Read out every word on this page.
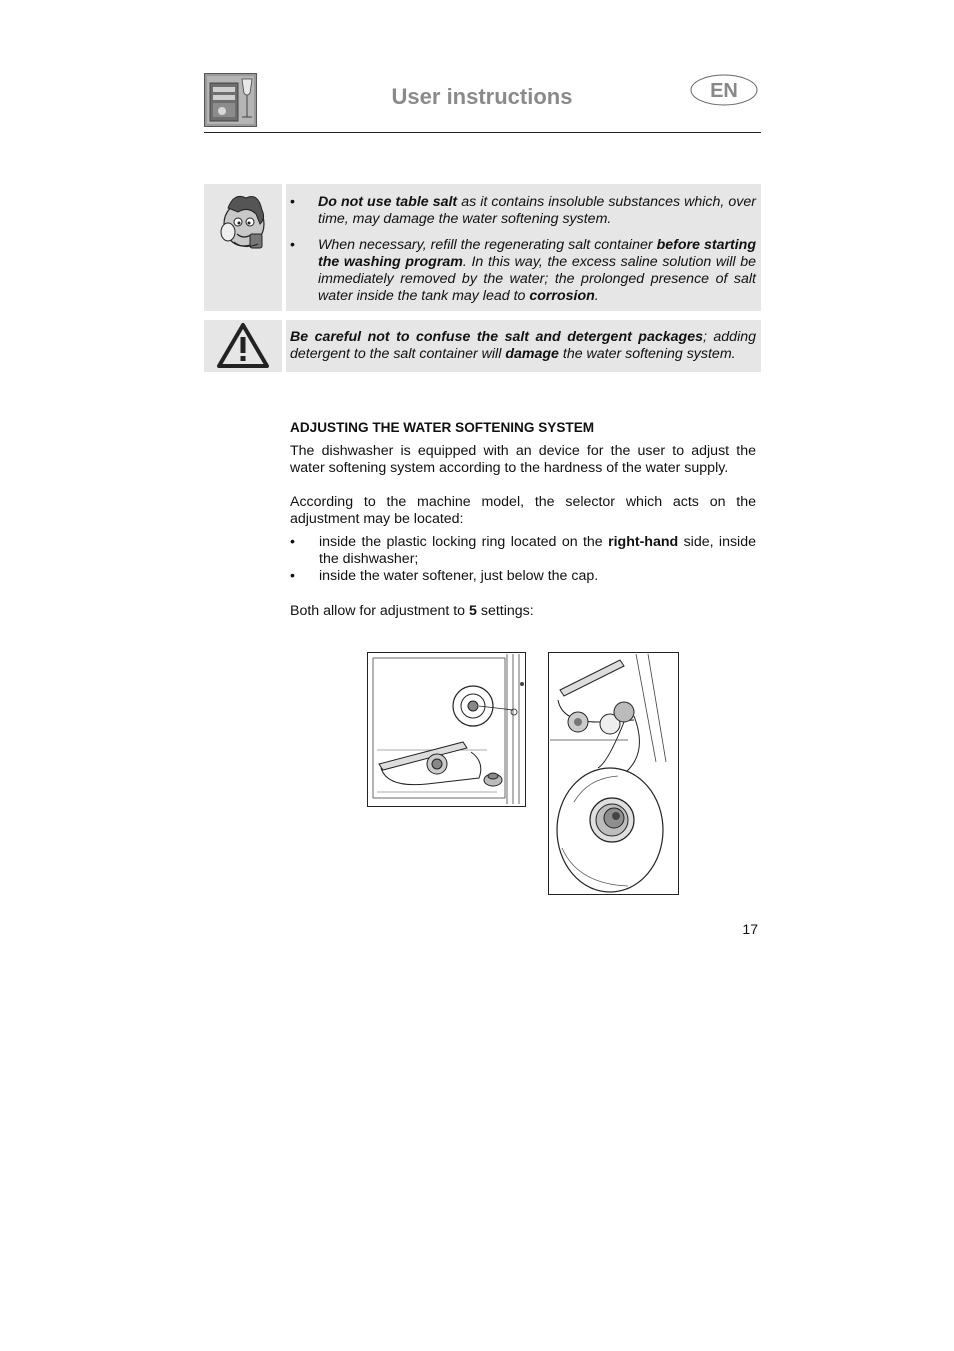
User instructions	EN
• Do not use table salt as it contains insoluble substances which, over time, may damage the water softening system.
• When necessary, refill the regenerating salt container before starting the washing program. In this way, the excess saline solution will be immediately removed by the water; the prolonged presence of salt water inside the tank may lead to corrosion.
Be careful not to confuse the salt and detergent packages; adding detergent to the salt container will damage the water softening system.
ADJUSTING THE WATER SOFTENING SYSTEM
The dishwasher is equipped with an device for the user to adjust the water softening system according to the hardness of the water supply.
According to the machine model, the selector which acts on the adjustment may be located:
• inside the plastic locking ring located on the right-hand side, inside the dishwasher;
• inside the water softener, just below the cap.
Both allow for adjustment to 5 settings:
17
